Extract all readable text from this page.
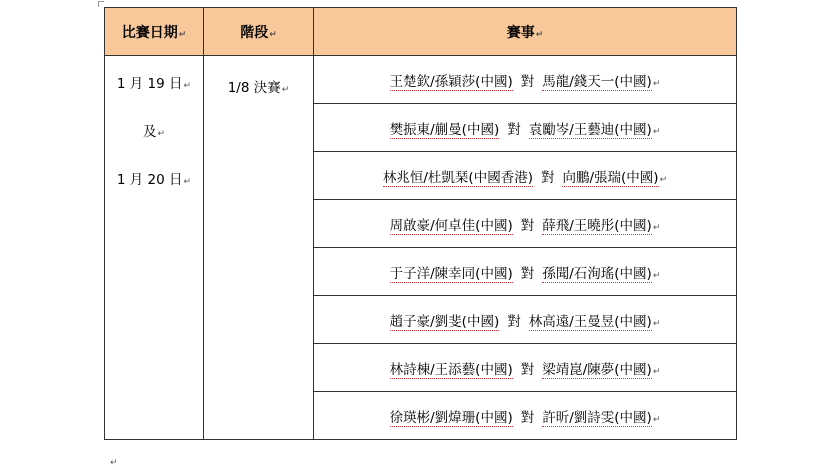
比賽日期↵	階段↵	賽事↵

1 月 19 日↵
及↵
1 月 20 日↵	1/8 決賽↵	王楚欽/孫穎莎(中國) 對 馬龍/錢天一(中國)↵
		樊振東/蒯曼(中國) 對 袁勵岑/王藝迪(中國)↵
		林兆恒/杜凱琹(中國香港) 對 向鵬/張瑞(中國)↵
		周啟豪/何卓佳(中國) 對 薛飛/王曉彤(中國)↵
		于子洋/陳幸同(中國) 對 孫聞/石洵瑤(中國)↵
		趙子豪/劉斐(中國) 對 林高遠/王曼昱(中國)↵
		林詩棟/王添藝(中國) 對 梁靖崑/陳夢(中國)↵
		徐瑛彬/劉煒珊(中國) 對 許昕/劉詩雯(中國)↵
↵
